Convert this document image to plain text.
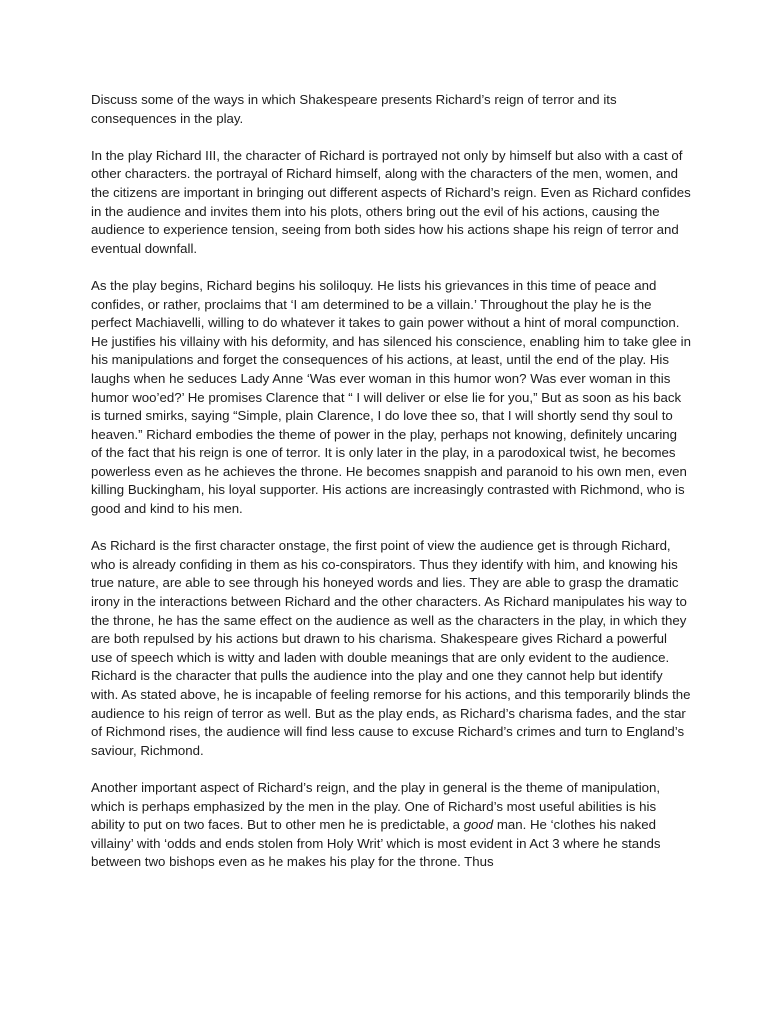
Discuss some of the ways in which Shakespeare presents Richard’s reign of terror and its consequences in the play.

In the play Richard III, the character of Richard is portrayed not only by himself but also with a cast of other characters. the portrayal of Richard himself, along with the characters of the men, women, and the citizens are important in bringing out different aspects of Richard’s reign. Even as Richard confides in the audience and invites them into his plots, others bring out the evil of his actions, causing the audience to experience tension, seeing from both sides how his actions shape his reign of terror and eventual downfall.

As the play begins, Richard begins his soliloquy. He lists his grievances in this time of peace and confides, or rather, proclaims that ‘I am determined to be a villain.’ Throughout the play he is the perfect Machiavelli, willing to do whatever it takes to gain power without a hint of moral compunction. He justifies his villainy with his deformity, and has silenced his conscience, enabling him to take glee in his manipulations and forget the consequences of his actions, at least, until the end of the play. His laughs when he seduces Lady Anne ‘Was ever woman in this humor won? Was ever woman in this humor woo’ed?’ He promises Clarence that “ I will deliver or else lie for you,” But as soon as his back is turned smirks, saying “Simple, plain Clarence, I do love thee so, that I will shortly send thy soul to heaven.” Richard embodies the theme of power in the play, perhaps not knowing, definitely uncaring of the fact that his reign is one of terror. It is only later in the play, in a parodoxical twist, he becomes powerless even as he achieves the throne. He becomes snappish and paranoid to his own men, even killing Buckingham, his loyal supporter. His actions are increasingly contrasted with Richmond, who is good and kind to his men.

As Richard is the first character onstage, the first point of view the audience get is through Richard, who is already confiding in them as his co-conspirators. Thus they identify with him, and knowing his true nature, are able to see through his honeyed words and lies. They are able to grasp the dramatic irony in the interactions between Richard and the other characters. As Richard manipulates his way to the throne, he has the same effect on the audience as well as the characters in the play, in which they are both repulsed by his actions but drawn to his charisma. Shakespeare gives Richard a powerful use of speech which is witty and laden with double meanings that are only evident to the audience. Richard is the character that pulls the audience into the play and one they cannot help but identify with. As stated above, he is incapable of feeling remorse for his actions, and this temporarily blinds the audience to his reign of terror as well. But as the play ends, as Richard’s charisma fades, and the star of Richmond rises, the audience will find less cause to excuse Richard’s crimes and turn to England’s saviour, Richmond.

Another important aspect of Richard’s reign, and the play in general is the theme of manipulation, which is perhaps emphasized by the men in the play. One of Richard’s most useful abilities is his ability to put on two faces. But to other men he is predictable, a good man. He ‘clothes his naked villainy’ with ‘odds and ends stolen from Holy Writ’ which is most evident in Act 3 where he stands between two bishops even as he makes his play for the throne. Thus
